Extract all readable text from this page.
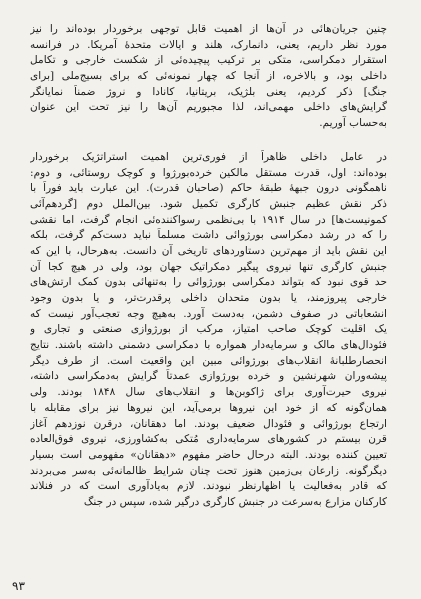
چنین جریان‌هائی در آن‌ها از اهمیت قابل توجهی برخوردار بوده‌اند را نیز
مورد نظر داریم، یعنی، دانمارک، هلند و ایالات متحدهٔ آمریکا. در فرانسه
استقرار دمکراسی، متکی بر ترکیب پیچیده‌ئی از شکست خارجی و تکامل
داخلی بود، و بالاخره، از آنجا که چهار نمونه‌ئی که برای بسیج‌ملی [برای
جنگ] ذکر کردیم، یعنی بلژیک، بریتانیا، کانادا و نروژ ضمناً نمایانگر
گرایش‌های داخلی مهمی‌اند، لذا مجبوریم آن‌ها را نیز تحت این عنوان
به‌حساب آوریم.
در عامل داخلی ظاهراً از فوری‌ترین اهمیت استراتژیک برخوردار
بوده‌اند: اول، قدرت مستقل مالکین خرده‌بورژوا و کوچک روستائی، و دوم:
ناهمگونی درون جبههٔ طبقهٔ حاکم (صاحبان قدرت). این عبارت باید فوراً با
ذکر نقش عظیم جنبش کارگری تکمیل شود. بین‌الملل دوم [گردهم‌آئی
کمونیست‌ها] در سال ۱۹۱۴ با بی‌نظمی رسواکننده‌ئی انجام گرفت، اما نقشی
را که در رشد دمکراسی بورژوائی داشت مسلماً نباید دست‌کم گرفت، بلکه
این نقش باید از مهم‌ترین دستاوردهای تاریخی آن دانست. به‌هرحال، با این که
جنبش کارگری تنها نیروی پیگیر دمکراتیک جهان بود، ولی در هیچ کجا آن
حد قوی نبود که بتواند دمکراسی بورژوائی را به‌تنهائی بدون کمک ارتش‌های
خارجی پیروزمند، یا بدون متحدان داخلی پرقدرت‌تر، و یا بدون وجود
انشعاباتی در صفوف دشمن، به‌دست آورد. به‌هیچ وجه تعجب‌آور نیست که
یک اقلیت کوچک صاحب امتیاز، مرکب از بورژوازی صنعتی و تجاری و
فئودال‌های مالک و سرمایه‌دار همواره با دمکراسی دشمنی داشته باشند. نتایج
انحصارطلبانهٔ انقلاب‌های بورژوائی مبین این واقعیت است. از طرف دیگر
پیشه‌وران شهرنشین و خرده بورژوازی عمدتاً گرایش به‌دمکراسی داشته،
نیروی حیرت‌آوری برای ژاکوبن‌ها و انقلاب‌های سال ۱۸۴۸ بودند. ولی
همان‌گونه که از خود این نیروها برمی‌آید، این نیروها نیز برای مقابله با
ارتجاع بورژوائی و فئودال ضعیف بودند. اما دهقانان، درقرن نوزدهم آغاز
قرن بیستم در کشورهای سرمایه‌داری مُتکی به‌کشاورزی، نیروی فوق‌العاده
تعیین کننده بودند. البته درحال حاضر مفهوم «دهقانان» مفهومی است بسیار
دیگرگونه. زارعان بی‌زمین هنوز تحت چنان شرایط ظالمانه‌ئی به‌سر می‌بردند
که قادر به‌فعالیت یا اظهارنظر نبودند. لازم به‌یادآوری است که در فنلاند
کارکنان مزارع به‌سرعت در جنبش کارگری درگیر شده، سپس در جنگ
۹۳
